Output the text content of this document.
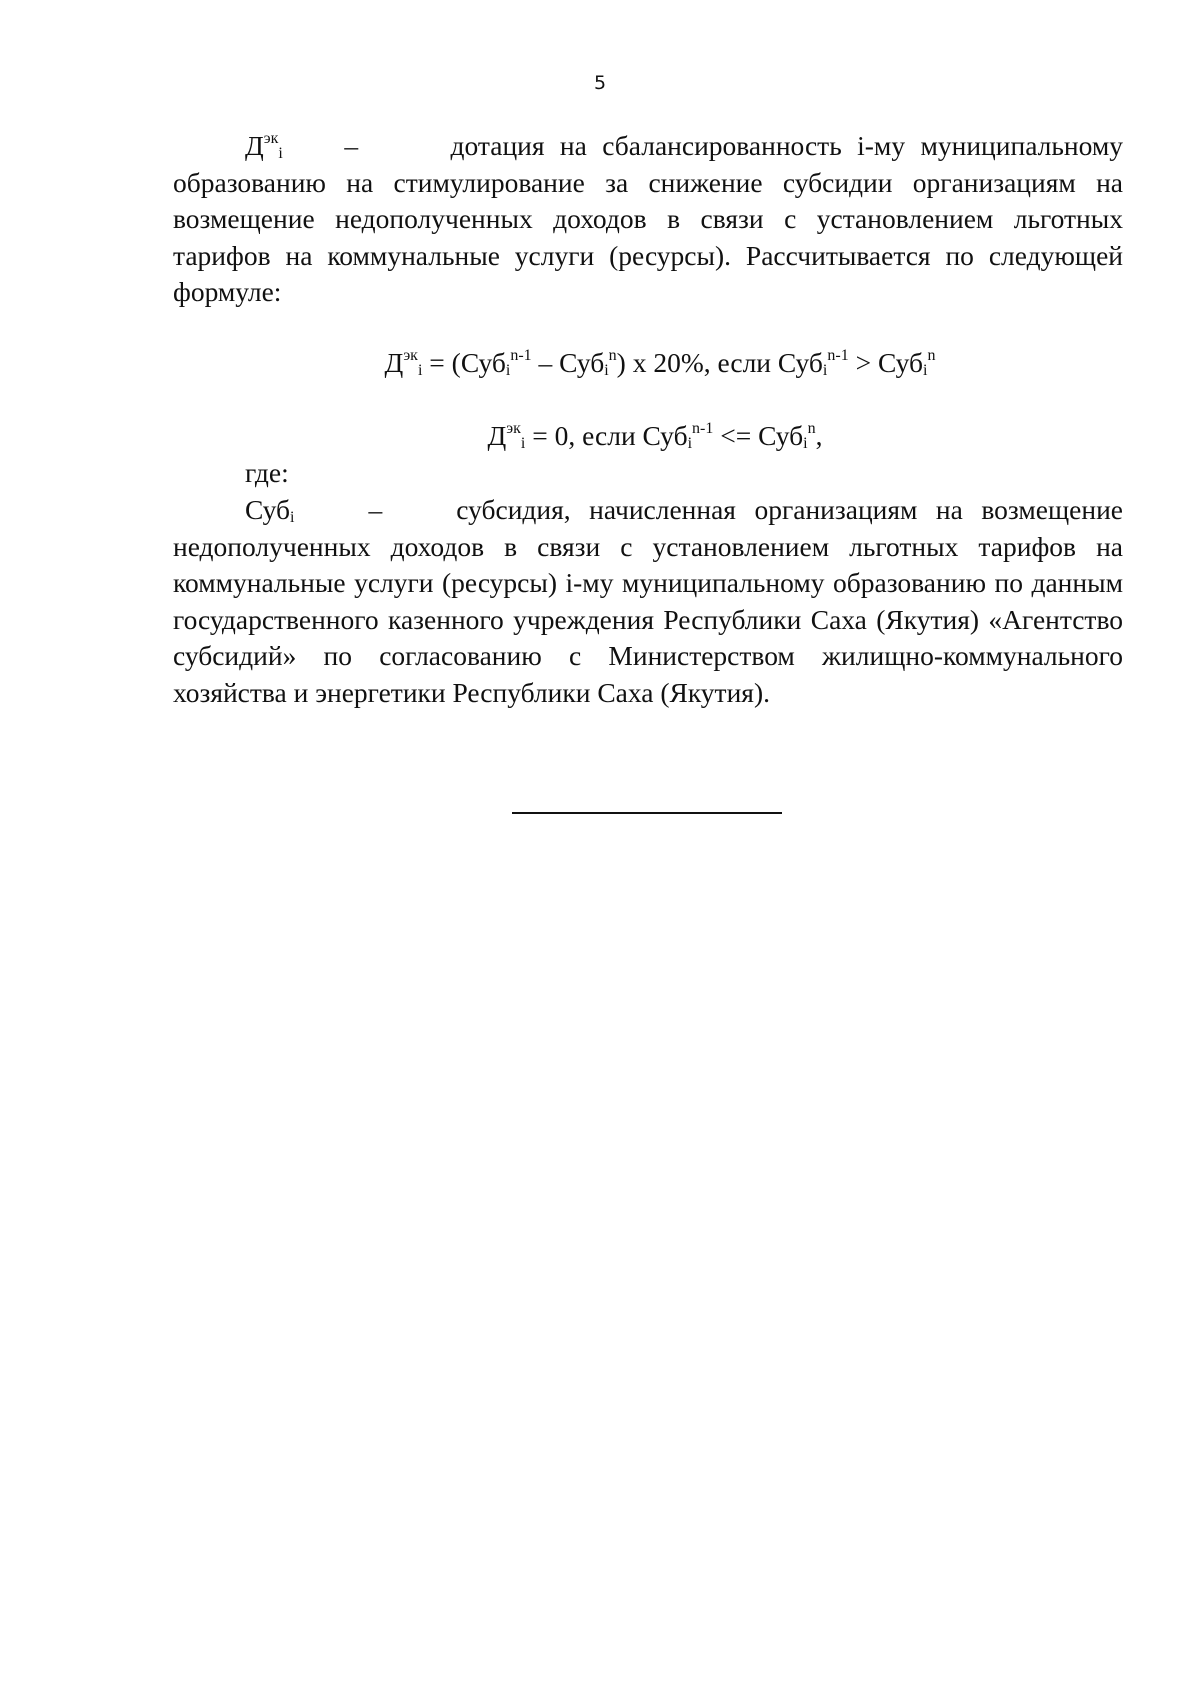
5

$Д^{эк}_i$ –	дотация на сбалансированность i-му муниципальному образованию на стимулирование за снижение субсидии организациям на возмещение недополученных доходов в связи с установлением льготных тарифов на коммунальные услуги (ресурсы). Рассчитывается по следующей формуле:

$Д^{эк}_i = (Суб_i^{n-1} - Суб_i^n)$ х 20%, если Суб$_i^{n-1}$ > Суб$_i^n$
$Д^{эк}_i = 0$, если Суб$_i^{n-1}$ <= Суб$_i^n$,

где:

Суб$_i$	–	субсидия, начисленная организациям на возмещение недополученных доходов в связи с установлением льготных тарифов на коммунальные услуги (ресурсы) i-му муниципальному образованию по данным государственного казенного учреждения Республики Саха (Якутия) «Агентство субсидий» по согласованию с Министерством жилищно-коммунального хозяйства и энергетики Республики Саха (Якутия).
